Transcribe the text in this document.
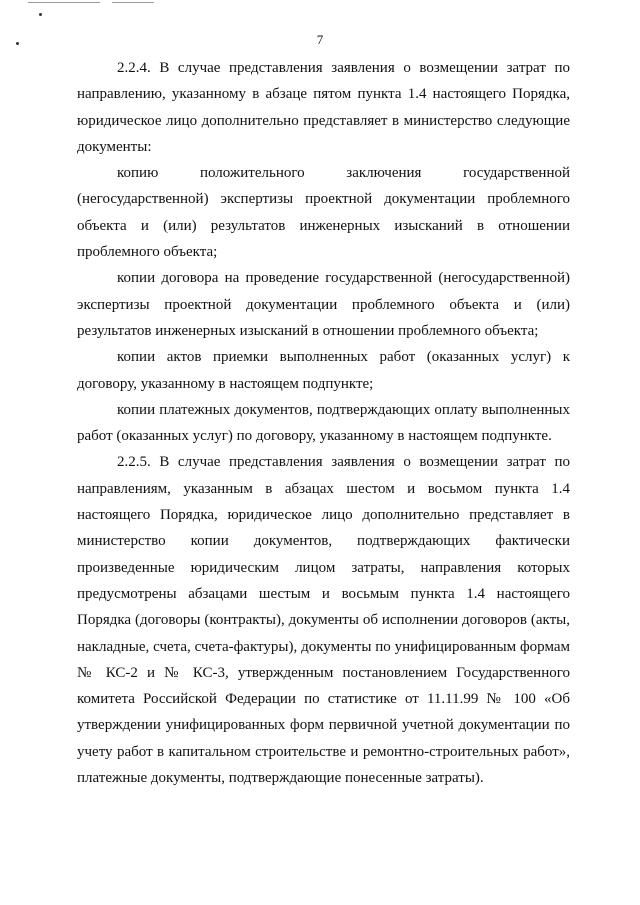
7

2.2.4. В случае представления заявления о возмещении затрат по направлению, указанному в абзаце пятом пункта 1.4 настоящего Порядка, юридическое лицо дополнительно представляет в министерство следующие документы:

копию положительного заключения государственной (негосударственной) экспертизы проектной документации проблемного объекта и (или) результатов инженерных изысканий в отношении проблемного объекта;

копии договора на проведение государственной (негосударственной) экспертизы проектной документации проблемного объекта и (или) результатов инженерных изысканий в отношении проблемного объекта;

копии актов приемки выполненных работ (оказанных услуг) к договору, указанному в настоящем подпункте;

копии платежных документов, подтверждающих оплату выполненных работ (оказанных услуг) по договору, указанному в настоящем подпункте.

2.2.5. В случае представления заявления о возмещении затрат по направлениям, указанным в абзацах шестом и восьмом пункта 1.4 настоящего Порядка, юридическое лицо дополнительно представляет в министерство копии документов, подтверждающих фактически произведенные юридическим лицом затраты, направления которых предусмотрены абзацами шестым и восьмым пункта 1.4 настоящего Порядка (договоры (контракты), документы об исполнении договоров (акты, накладные, счета, счета-фактуры), документы по унифицированным формам № КС-2 и № КС-3, утвержденным постановлением Государственного комитета Российской Федерации по статистике от 11.11.99 № 100 «Об утверждении унифицированных форм первичной учетной документации по учету работ в капитальном строительстве и ремонтно-строительных работ», платежные документы, подтверждающие понесенные затраты).
